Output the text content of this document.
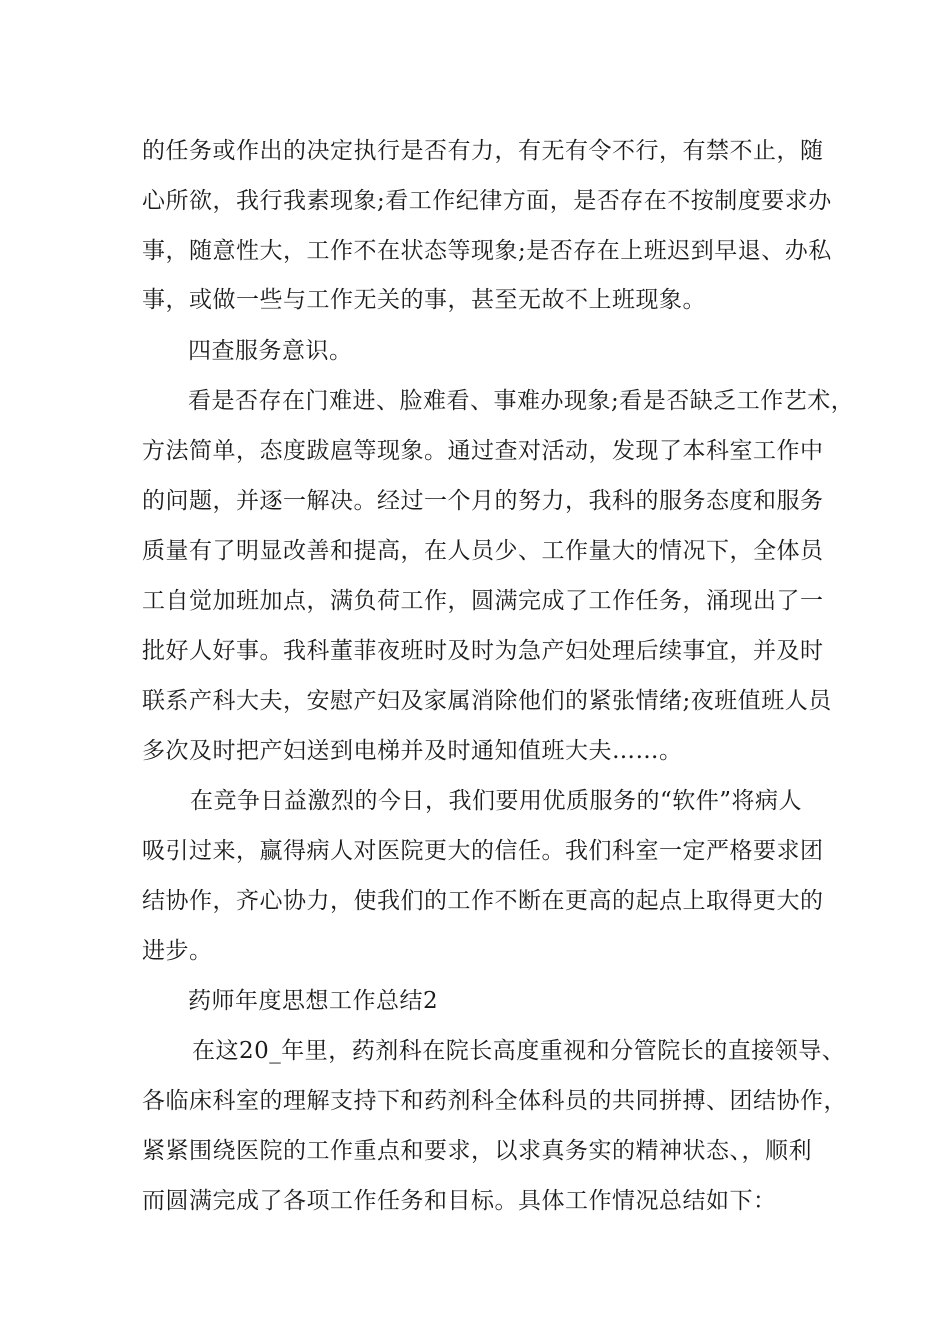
的任务或作出的决定执行是否有力，有无有令不行，有禁不止，随

心所欲，我行我素现象;看工作纪律方面，是否存在不按制度要求办

事，随意性大，工作不在状态等现象;是否存在上班迟到早退、办私

事，或做一些与工作无关的事，甚至无故不上班现象。

四查服务意识。

看是否存在门难进、脸难看、事难办现象;看是否缺乏工作艺术，

方法简单，态度跋扈等现象。通过查对活动，发现了本科室工作中

的问题，并逐一解决。经过一个月的努力，我科的服务态度和服务

质量有了明显改善和提高，在人员少、工作量大的情况下，全体员

工自觉加班加点，满负荷工作，圆满完成了工作任务，涌现出了一

批好人好事。我科董菲夜班时及时为急产妇处理后续事宜，并及时

联系产科大夫，安慰产妇及家属消除他们的紧张情绪;夜班值班人员

多次及时把产妇送到电梯并及时通知值班大夫……。

在竞争日益激烈的今日，我们要用优质服务的“软件”将病人

吸引过来，赢得病人对医院更大的信任。我们科室一定严格要求团

结协作，齐心协力，使我们的工作不断在更高的起点上取得更大的

进步。

药师年度思想工作总结2

在这20_年里，药剂科在院长高度重视和分管院长的直接领导、

各临床科室的理解支持下和药剂科全体科员的共同拼搏、团结协作，

紧紧围绕医院的工作重点和要求，以求真务实的精神状态、，顺利

而圆满完成了各项工作任务和目标。具体工作情况总结如下：
